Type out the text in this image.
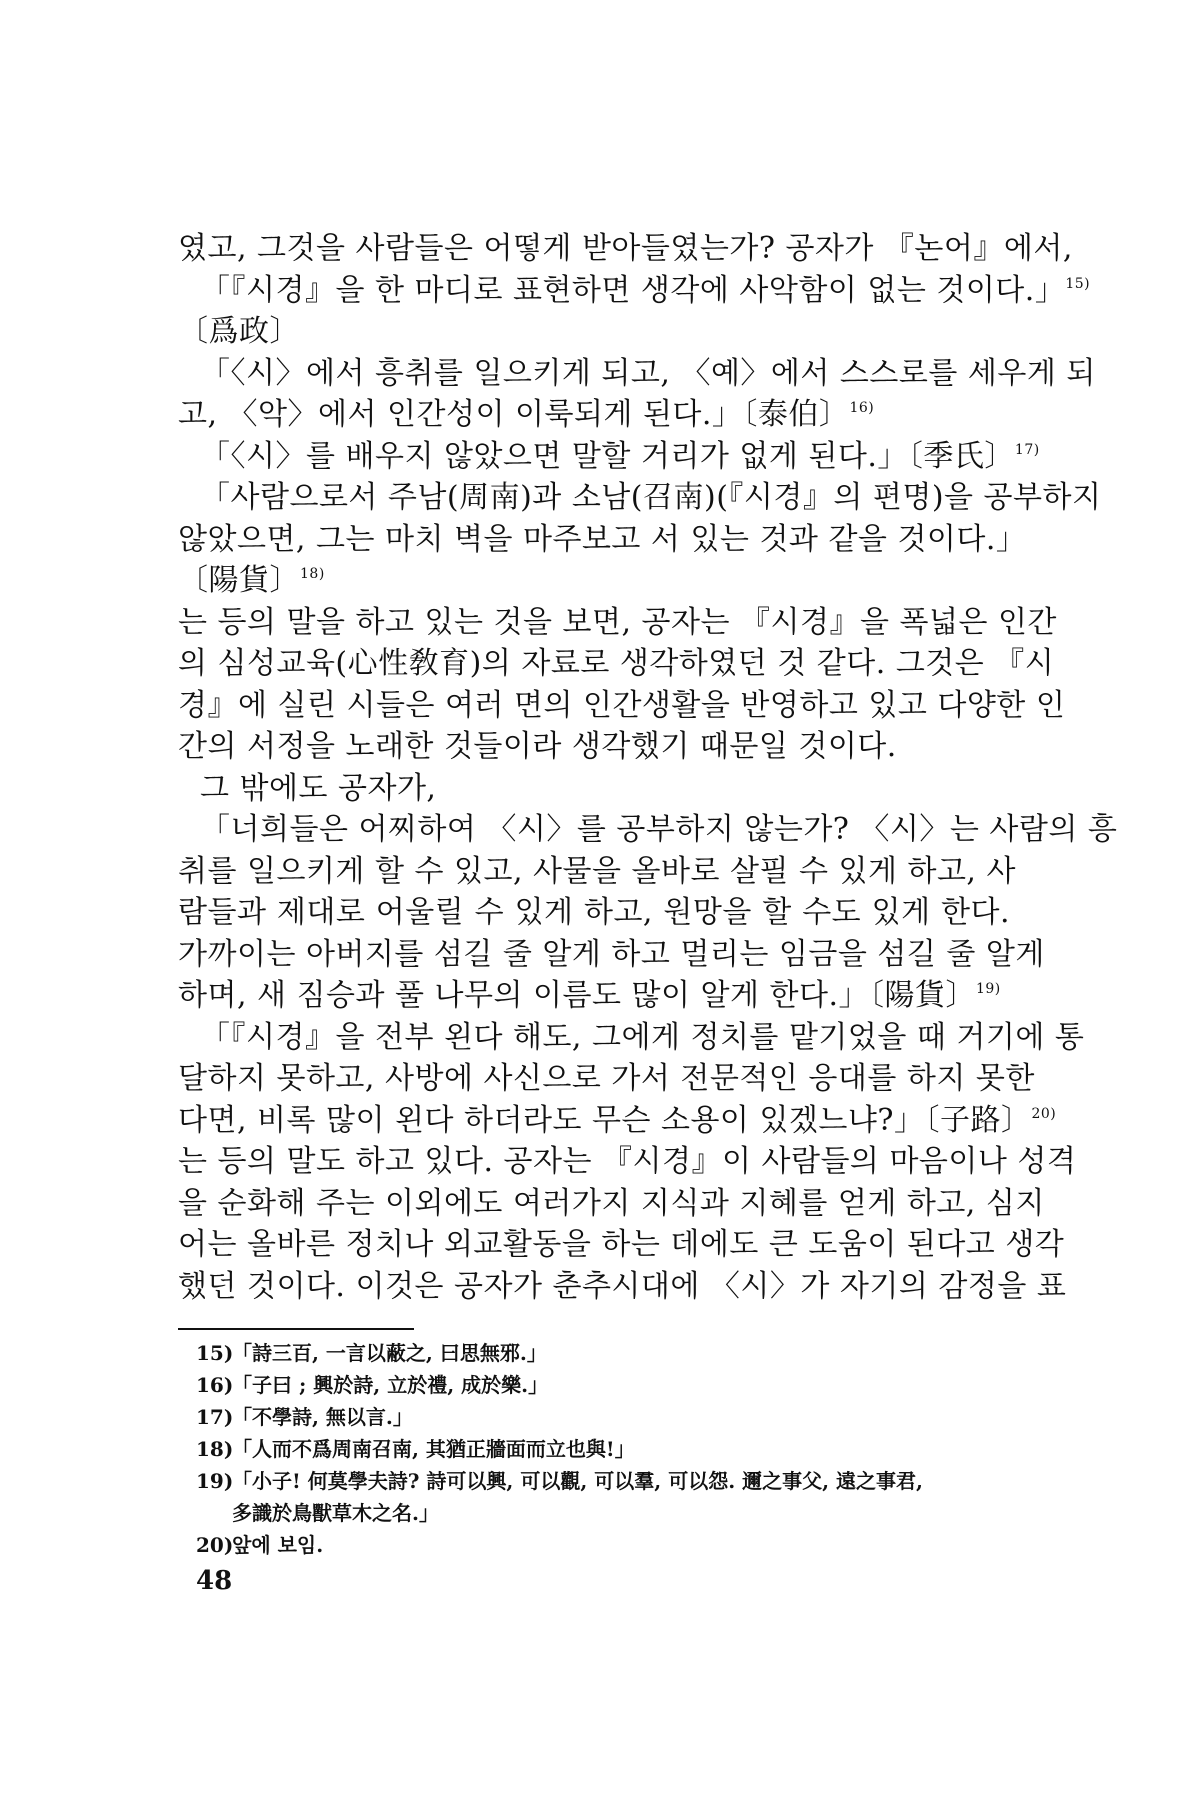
였고, 그것을 사람들은 어떻게 받아들였는가? 공자가 『논어』에서,
「『시경』을 한 마디로 표현하면 생각에 사악함이 없는 것이다.」$^{15)}$
〔爲政〕
「〈시〉에서 흥취를 일으키게 되고, 〈예〉에서 스스로를 세우게 되
고, 〈악〉에서 인간성이 이룩되게 된다.」〔泰伯〕$^{16)}$
「〈시〉를 배우지 않았으면 말할 거리가 없게 된다.」〔季氏〕$^{17)}$
「사람으로서 주남(周南)과 소남(召南)(『시경』의 편명)을 공부하지
않았으면, 그는 마치 벽을 마주보고 서 있는 것과 같을 것이다.」
〔陽貨〕$^{18)}$
는 등의 말을 하고 있는 것을 보면, 공자는 『시경』을 폭넓은 인간
의 심성교육(心性敎育)의 자료로 생각하였던 것 같다. 그것은 『시
경』에 실린 시들은 여러 면의 인간생활을 반영하고 있고 다양한 인
간의 서정을 노래한 것들이라 생각했기 때문일 것이다.
그 밖에도 공자가,
「너희들은 어찌하여 〈시〉를 공부하지 않는가? 〈시〉는 사람의 흥
취를 일으키게 할 수 있고, 사물을 올바로 살필 수 있게 하고, 사
람들과 제대로 어울릴 수 있게 하고, 원망을 할 수도 있게 한다.
가까이는 아버지를 섬길 줄 알게 하고 멀리는 임금을 섬길 줄 알게
하며, 새 짐승과 풀 나무의 이름도 많이 알게 한다.」〔陽貨〕$^{19)}$
「『시경』을 전부 왼다 해도, 그에게 정치를 맡기었을 때 거기에 통
달하지 못하고, 사방에 사신으로 가서 전문적인 응대를 하지 못한
다면, 비록 많이 왼다 하더라도 무슨 소용이 있겠느냐?」〔子路〕$^{20)}$
는 등의 말도 하고 있다. 공자는 『시경』이 사람들의 마음이나 성격
을 순화해 주는 이외에도 여러가지 지식과 지혜를 얻게 하고, 심지
어는 올바른 정치나 외교활동을 하는 데에도 큰 도움이 된다고 생각
했던 것이다. 이것은 공자가 춘추시대에 〈시〉가 자기의 감정을 표
15)「詩三百, 一言以蔽之, 曰思無邪.」
16)「子曰 ; 興於詩, 立於禮, 成於樂.」
17)「不學詩, 無以言.」
18)「人而不爲周南召南, 其猶正牆面而立也與!」
19)「小子! 何莫學夫詩? 詩可以興, 可以觀, 可以羣, 可以怨. 邇之事父, 遠之事君,
多識於鳥獸草木之名.」
20)앞에 보임.
48
